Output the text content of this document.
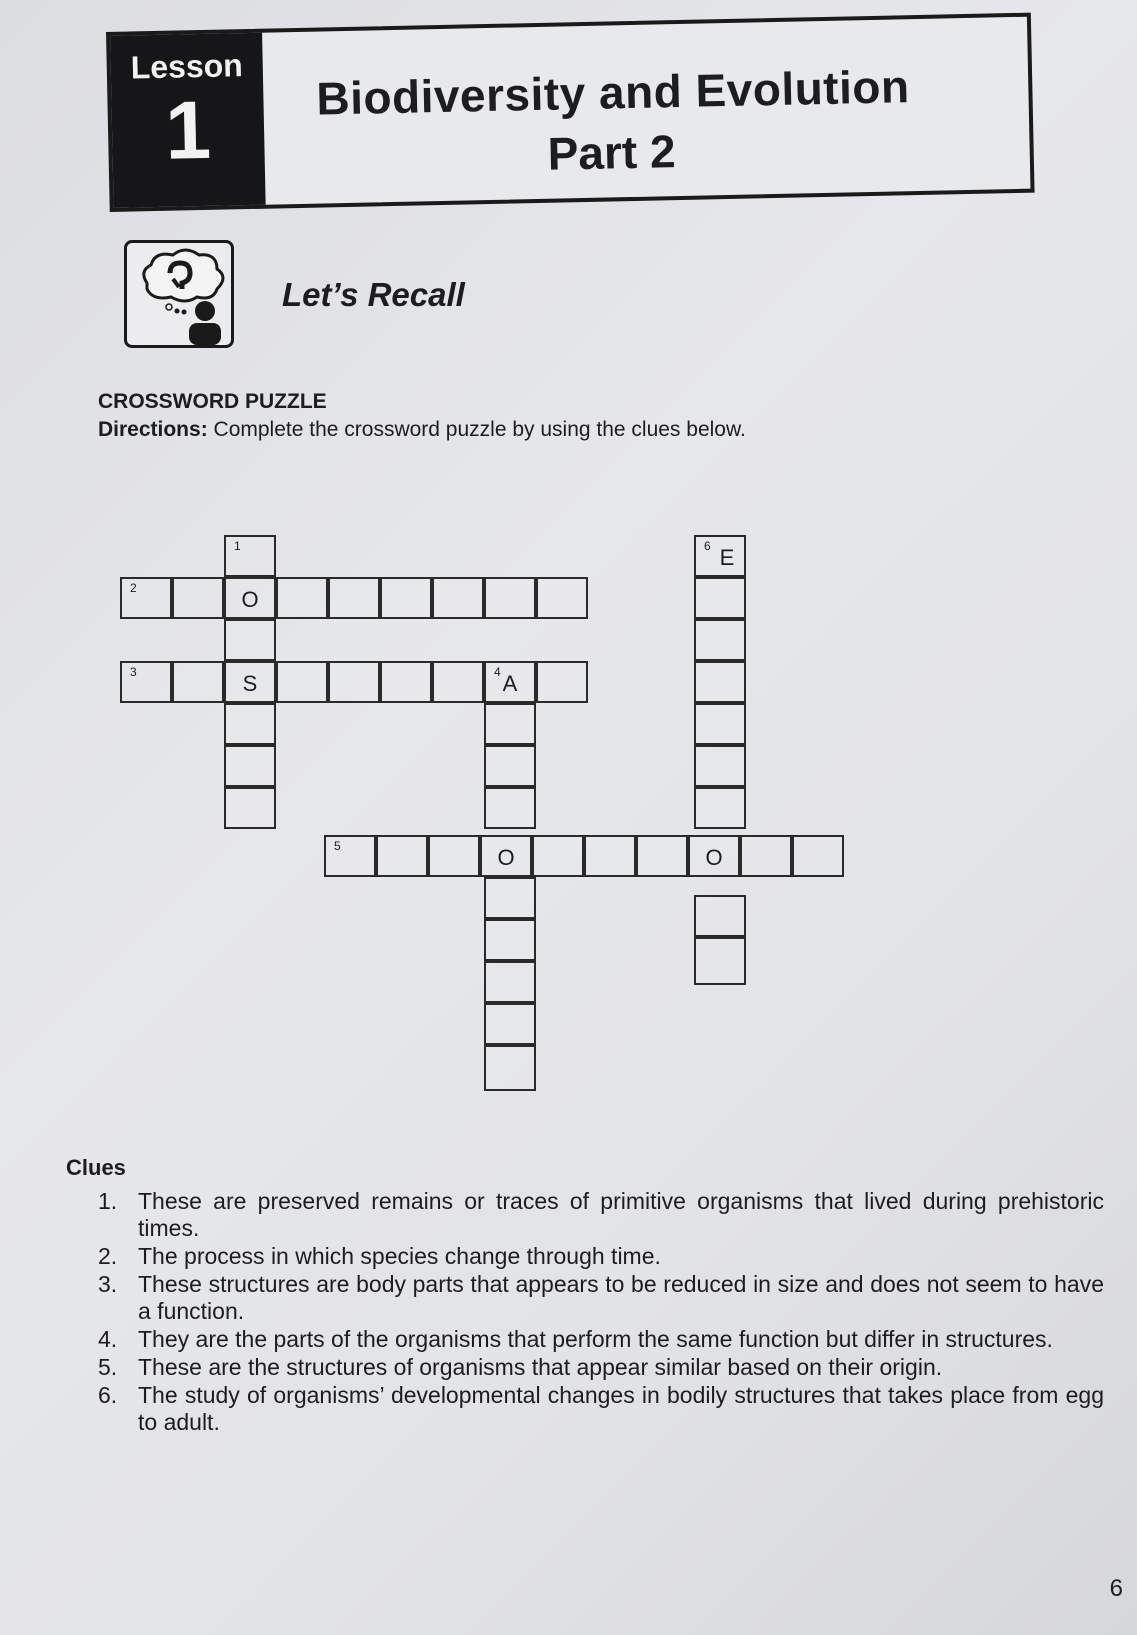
Lesson
1	Biodiversity and Evolution
Part 2
Let’s Recall
CROSSWORD PUZZLE
Directions: Complete the crossword puzzle by using the clues below.
1
O
S
2
3	4 A
5	O	O
6 E
Clues
1. These are preserved remains or traces of primitive organisms that lived during prehistoric times.
2. The process in which species change through time.
3. These structures are body parts that appears to be reduced in size and does not seem to have a function.
4. They are the parts of the organisms that perform the same function but differ in structures.
5. These are the structures of organisms that appear similar based on their origin.
6. The study of organisms’ developmental changes in bodily structures that takes place from egg to adult.
6
